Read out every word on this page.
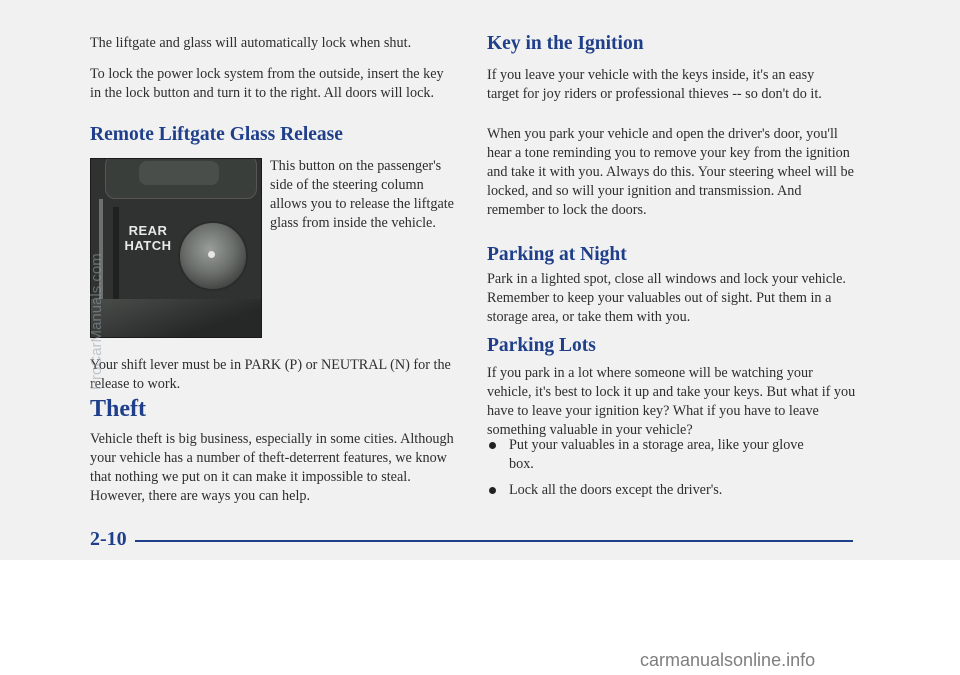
The liftgate and glass will automatically lock when shut.

To lock the power lock system from the outside, insert the key in the lock button and turn it to the right. All doors will lock.

Remote Liftgate Glass Release
REAR HATCH

This button on the passenger's side of the steering column allows you to release the liftgate glass from inside the vehicle.

Your shift lever must be in PARK (P) or NEUTRAL (N) for the release to work.

Theft

Vehicle theft is big business, especially in some cities. Although your vehicle has a number of theft-deterrent features, we know that nothing we put on it can make it impossible to steal. However, there are ways you can help.

Key in the Ignition

If you leave your vehicle with the keys inside, it's an easy target for joy riders or professional thieves -- so don't do it.

When you park your vehicle and open the driver's door, you'll hear a tone reminding you to remove your key from the ignition and take it with you. Always do this. Your steering wheel will be locked, and so will your ignition and transmission. And remember to lock the doors.

Parking at Night

Park in a lighted spot, close all windows and lock your vehicle. Remember to keep your valuables out of sight. Put them in a storage area, or take them with you.

Parking Lots

If you park in a lot where someone will be watching your vehicle, it's best to lock it up and take your keys. But what if you have to leave your ignition key? What if you have to leave something valuable in your vehicle?

Put your valuables in a storage area, like your glove box.

Lock all the doors except the driver's.

2-10
ProCarManuals.com
carmanualsonline.info
